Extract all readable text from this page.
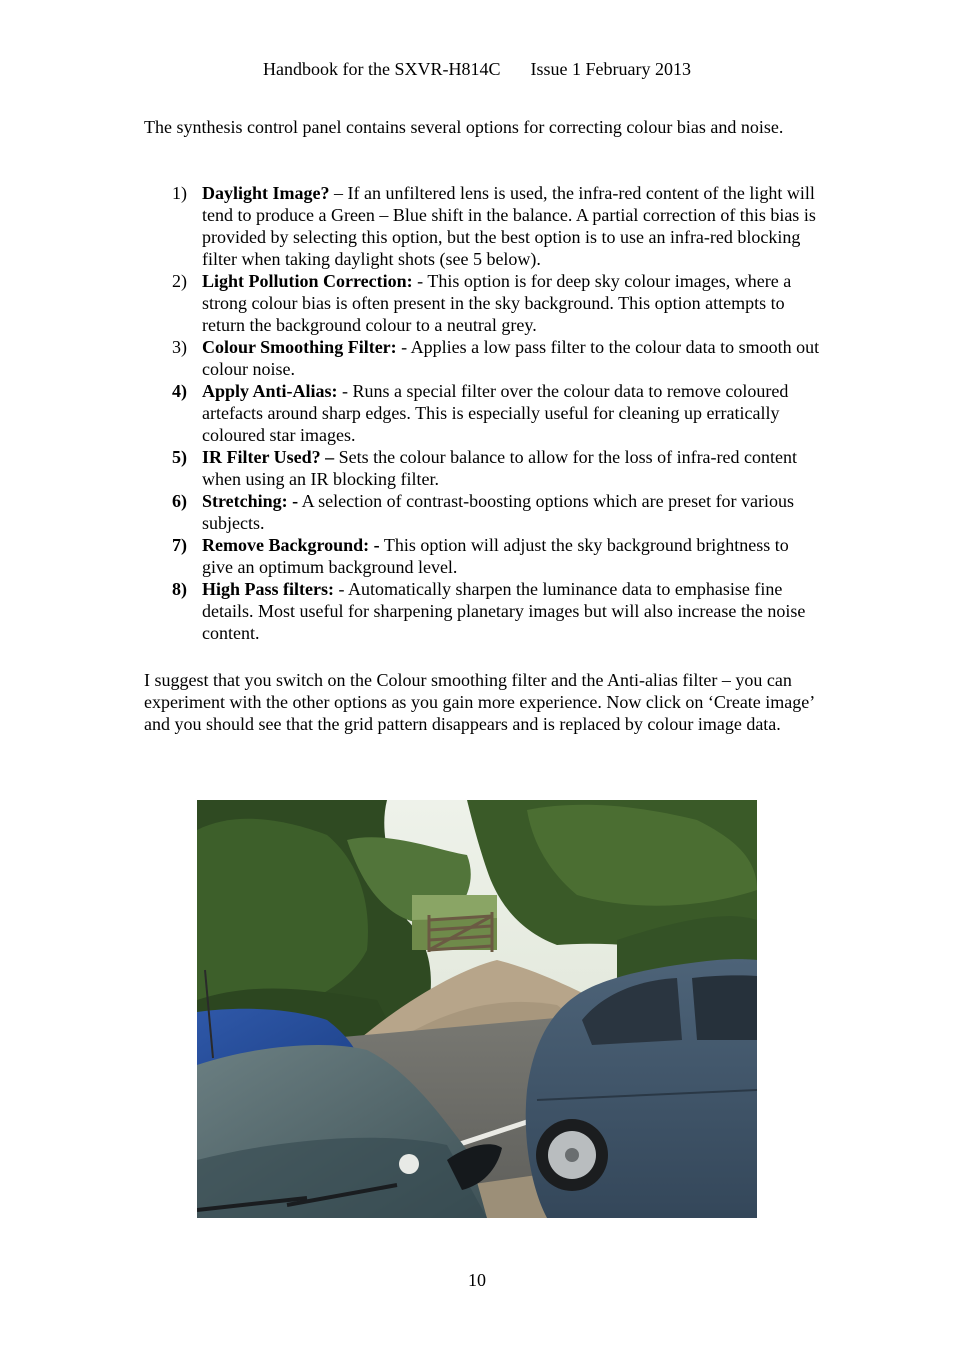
Handbook for the SXVR-H814C Issue 1 February 2013

The synthesis control panel contains several options for correcting colour bias and noise.

1) Daylight Image? – If an unfiltered lens is used, the infra-red content of the light will tend to produce a Green – Blue shift in the balance. A partial correction of this bias is provided by selecting this option, but the best option is to use an infra-red blocking filter when taking daylight shots (see 5 below).
2) Light Pollution Correction: - This option is for deep sky colour images, where a strong colour bias is often present in the sky background. This option attempts to return the background colour to a neutral grey.
3) Colour Smoothing Filter: - Applies a low pass filter to the colour data to smooth out colour noise.
4) Apply Anti-Alias: - Runs a special filter over the colour data to remove coloured artefacts around sharp edges. This is especially useful for cleaning up erratically coloured star images.
5) IR Filter Used? – Sets the colour balance to allow for the loss of infra-red content when using an IR blocking filter.
6) Stretching: - A selection of contrast-boosting options which are preset for various subjects.
7) Remove Background: - This option will adjust the sky background brightness to give an optimum background level.
8) High Pass filters: - Automatically sharpen the luminance data to emphasise fine details. Most useful for sharpening planetary images but will also increase the noise content.

I suggest that you switch on the Colour smoothing filter and the Anti-alias filter – you can experiment with the other options as you gain more experience. Now click on ‘Create image’ and you should see that the grid pattern disappears and is replaced by colour image data.

10
